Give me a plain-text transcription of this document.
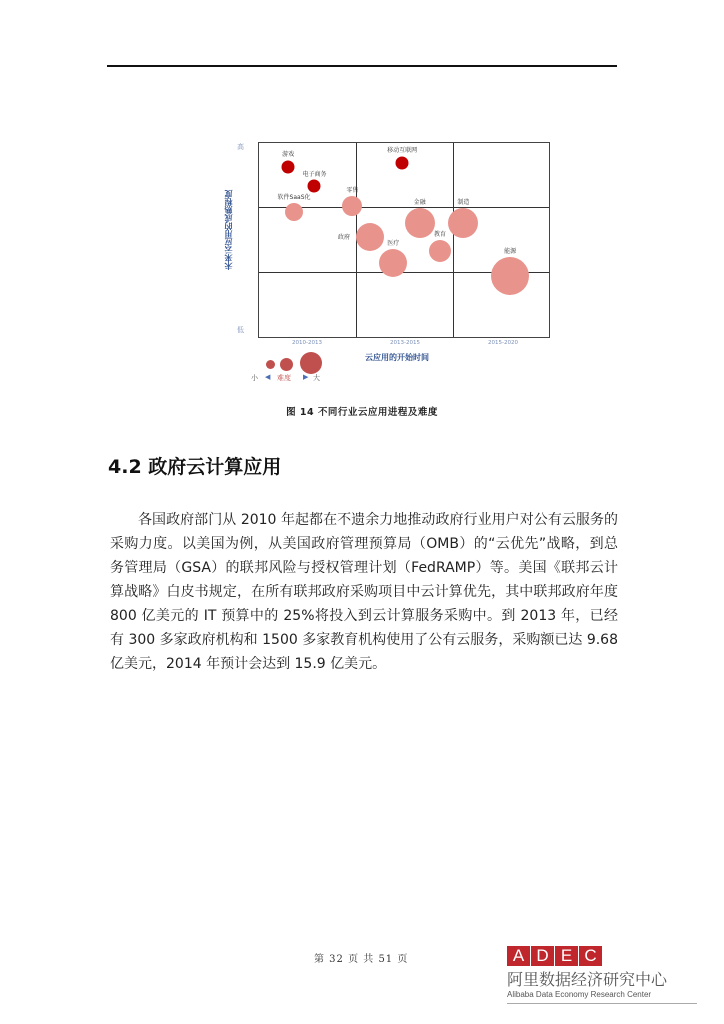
未来云应用的成熟程度
高
低
游戏
电子商务
移动互联网
软件SaaS化
零售
金融	制造
政府	教育
医疗
能源
2010-2013	2013-2015	2015-2020
云应用的开始时间
小 ◀ 难度 ▶ 大
图 14 不同行业云应用进程及难度
4.2 政府云计算应用
各国政府部门从 2010 年起都在不遗余力地推动政府行业用户对公有云服务的采购力度。以美国为例，从美国政府管理预算局（OMB）的“云优先”战略，到总务管理局（GSA）的联邦风险与授权管理计划（FedRAMP）等。美国《联邦云计算战略》白皮书规定，在所有联邦政府采购项目中云计算优先，其中联邦政府年度 800 亿美元的 IT 预算中的 25%将投入到云计算服务采购中。到 2013 年，已经有 300 多家政府机构和 1500 多家教育机构使用了公有云服务，采购额已达 9.68 亿美元，2014 年预计会达到 15.9 亿美元。
第 32 页 共 51 页	A D E C
阿里数据经济研究中心
Alibaba Data Economy Research Center
